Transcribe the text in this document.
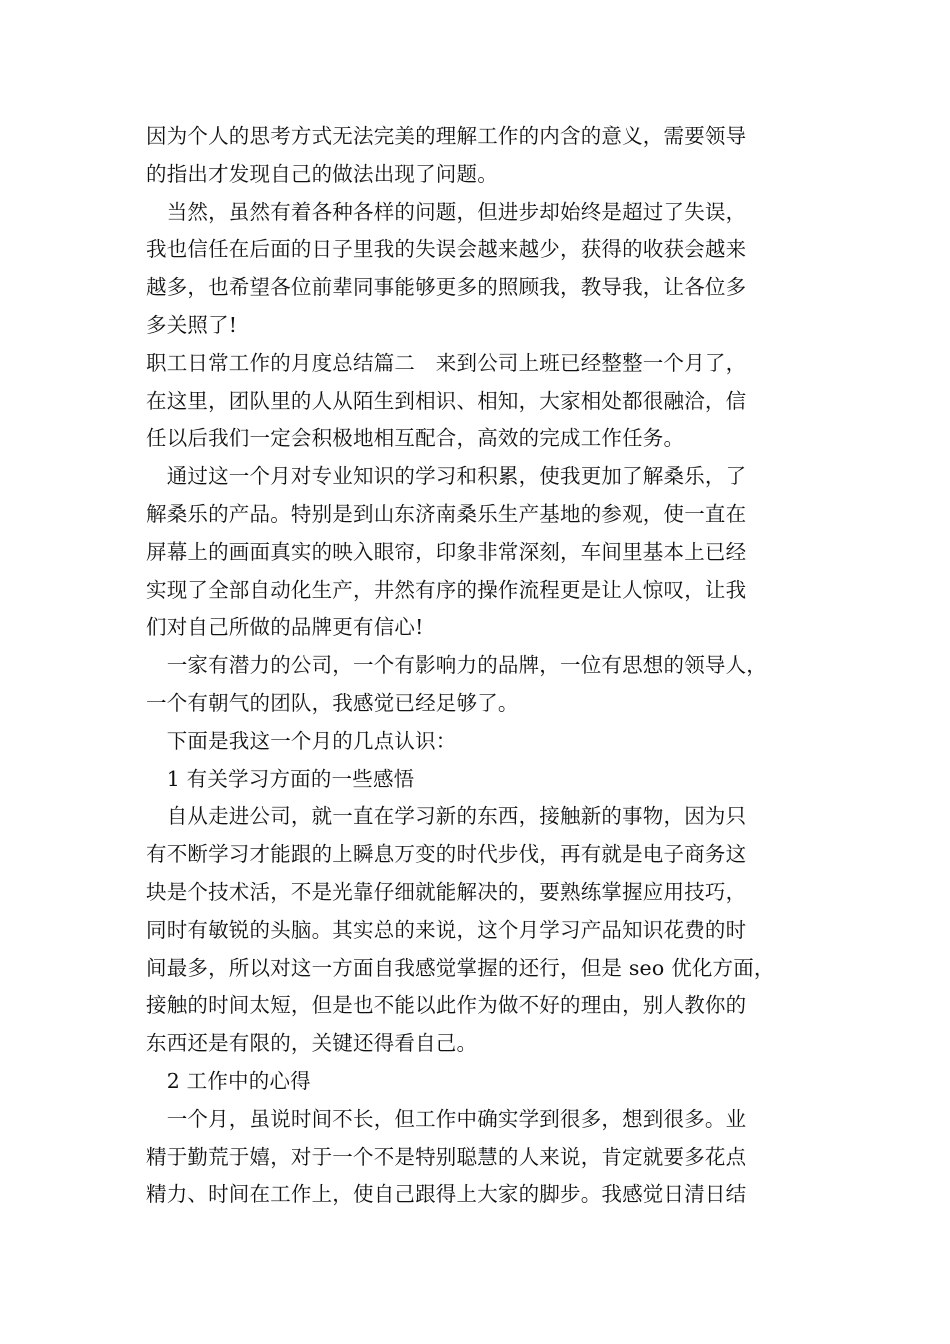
因为个人的思考方式无法完美的理解工作的内含的意义，需要领导
的指出才发现自己的做法出现了问题。
　当然，虽然有着各种各样的问题，但进步却始终是超过了失误，
我也信任在后面的日子里我的失误会越来越少，获得的收获会越来
越多，也希望各位前辈同事能够更多的照顾我，教导我，让各位多
多关照了!
职工日常工作的月度总结篇二　来到公司上班已经整整一个月了，
在这里，团队里的人从陌生到相识、相知，大家相处都很融洽，信
任以后我们一定会积极地相互配合，高效的完成工作任务。
　通过这一个月对专业知识的学习和积累，使我更加了解桑乐，了
解桑乐的产品。特别是到山东济南桑乐生产基地的参观，使一直在
屏幕上的画面真实的映入眼帘，印象非常深刻，车间里基本上已经
实现了全部自动化生产，井然有序的操作流程更是让人惊叹，让我
们对自己所做的品牌更有信心!
　一家有潜力的公司，一个有影响力的品牌，一位有思想的领导人，
一个有朝气的团队，我感觉已经足够了。
　下面是我这一个月的几点认识：
　1 有关学习方面的一些感悟
　自从走进公司，就一直在学习新的东西，接触新的事物，因为只
有不断学习才能跟的上瞬息万变的时代步伐，再有就是电子商务这
块是个技术活，不是光靠仔细就能解决的，要熟练掌握应用技巧，
同时有敏锐的头脑。其实总的来说，这个月学习产品知识花费的时
间最多，所以对这一方面自我感觉掌握的还行，但是 seo 优化方面，
接触的时间太短，但是也不能以此作为做不好的理由，别人教你的
东西还是有限的，关键还得看自己。
　2 工作中的心得
　一个月，虽说时间不长，但工作中确实学到很多，想到很多。业
精于勤荒于嬉，对于一个不是特别聪慧的人来说，肯定就要多花点
精力、时间在工作上，使自己跟得上大家的脚步。我感觉日清日结
